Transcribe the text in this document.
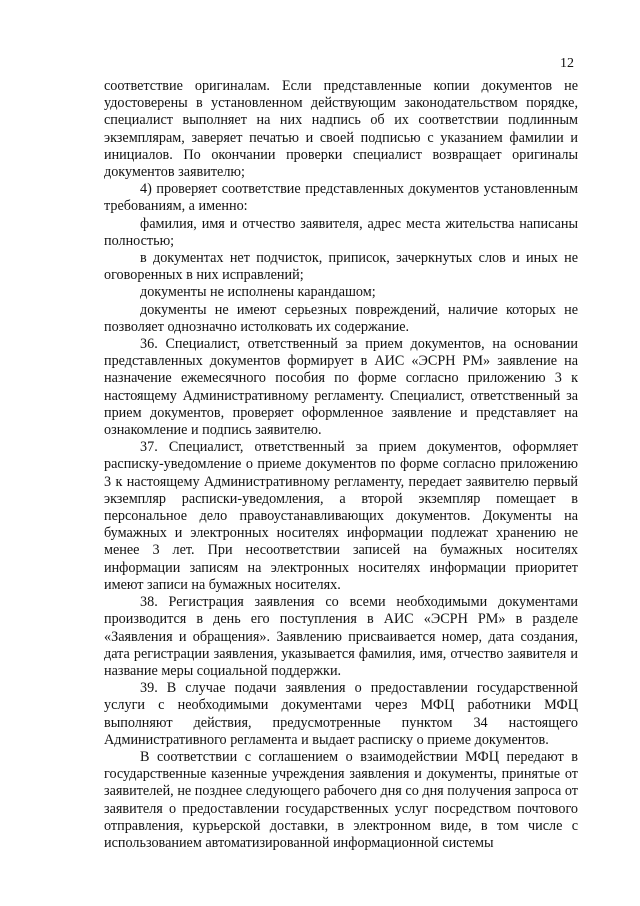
12

соответствие оригиналам. Если представленные копии документов не удостоверены в установленном действующим законодательством порядке, специалист выполняет на них надпись об их соответствии подлинным экземплярам, заверяет печатью и своей подписью с указанием фамилии и инициалов. По окончании проверки специалист возвращает оригиналы документов заявителю;

4) проверяет соответствие представленных документов установленным требованиям, а именно:

фамилия, имя и отчество заявителя, адрес места жительства написаны полностью;

в документах нет подчисток, приписок, зачеркнутых слов и иных не оговоренных в них исправлений;

документы не исполнены карандашом;

документы не имеют серьезных повреждений, наличие которых не позволяет однозначно истолковать их содержание.

36. Специалист, ответственный за прием документов, на основании представленных документов формирует в АИС «ЭСРН РМ» заявление на назначение ежемесячного пособия по форме согласно приложению 3 к настоящему Административному регламенту. Специалист, ответственный за прием документов, проверяет оформленное заявление и представляет на ознакомление и подпись заявителю.

37. Специалист, ответственный за прием документов, оформляет расписку-уведомление о приеме документов по форме согласно приложению 3 к настоящему Административному регламенту, передает заявителю первый экземпляр расписки-уведомления, а второй экземпляр помещает в персональное дело правоустанавливающих документов. Документы на бумажных и электронных носителях информации подлежат хранению не менее 3 лет. При несоответствии записей на бумажных носителях информации записям на электронных носителях информации приоритет имеют записи на бумажных носителях.

38. Регистрация заявления со всеми необходимыми документами производится в день его поступления в АИС «ЭСРН РМ» в разделе «Заявления и обращения». Заявлению присваивается номер, дата создания, дата регистрации заявления, указывается фамилия, имя, отчество заявителя и название меры социальной поддержки.

39. В случае подачи заявления о предоставлении государственной услуги с необходимыми документами через МФЦ работники МФЦ выполняют действия, предусмотренные пунктом 34 настоящего Административного регламента и выдает расписку о приеме документов.

В соответствии с соглашением о взаимодействии МФЦ передают в государственные казенные учреждения заявления и документы, принятые от заявителей, не позднее следующего рабочего дня со дня получения запроса от заявителя о предоставлении государственных услуг посредством почтового отправления, курьерской доставки, в электронном виде, в том числе с использованием автоматизированной информационной системы
